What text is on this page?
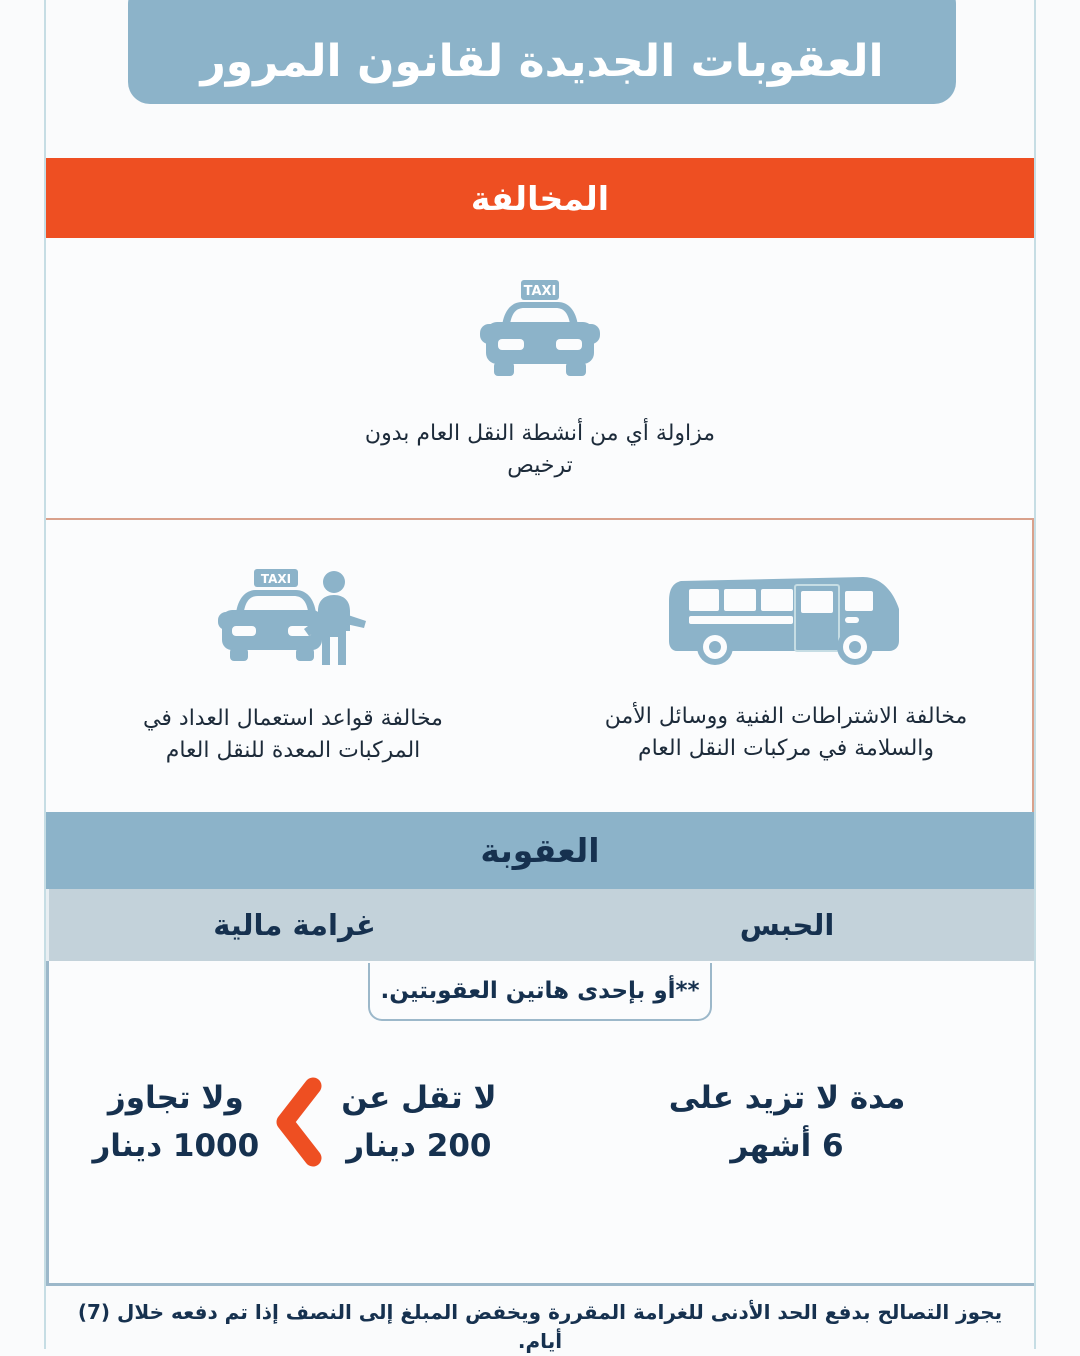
العقوبات الجديدة لقانون المرور
المخالفة
TAXI
مزاولة أي من أنشطة النقل العام بدون ترخيص
مخالفة الاشتراطات الفنية ووسائل الأمن والسلامة في مركبات النقل العام
TAXI
مخالفة قواعد استعمال العداد في المركبات المعدة للنقل العام
العقوبة
الحبس
غرامة مالية
مدة لا تزيد على
6 أشهر
لا تقل عن
200 دينار
ولا تجاوز
1000 دينار
**أو بإحدى هاتين العقوبتين.
يجوز التصالح بدفع الحد الأدنى للغرامة المقررة ويخفض المبلغ إلى النصف إذا تم دفعه خلال (7) أيام.
